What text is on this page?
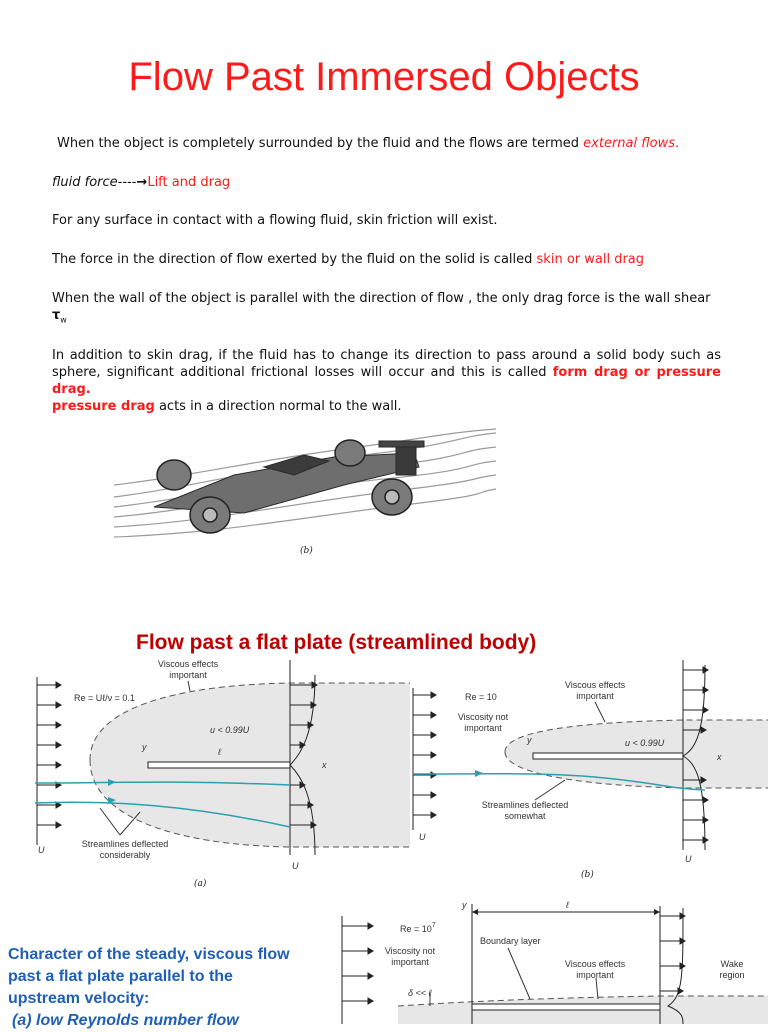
Flow Past Immersed Objects
When the object is completely surrounded by the fluid and the flows are termed external flows.
fluid force----→Lift and drag
For any surface in contact with a flowing fluid, skin friction will exist.
The force in the direction of flow exerted by the fluid on the solid is called skin or wall drag
When the wall of the object is parallel with the direction of flow , the only drag force is the wall shear
$\tau_w$
In addition to skin drag, if the fluid has to change its direction to pass around a solid body such as sphere, significant additional frictional losses will occur and this is called form drag or pressure drag.
pressure drag acts in a direction normal to the wall.
(b)
Flow past a flat plate (streamlined body)
Viscous effects
important
Re = Uℓ/ν = 0.1
u < 0.99U
ℓ
y
x
U
U
Streamlines deflected
considerably
(a)
Re = 10
Viscous effects
important
Viscosity not
important
u < 0.99U
y
x
U
U
Streamlines deflected
somewhat
(b)
$Re = 10^7$
y	ℓ
Viscosity not
important
Boundary layer
Viscous effects
important
Wake
region
δ << ℓ
Character of the steady, viscous flow
past a flat plate parallel to the
upstream velocity:
(a) low Reynolds number flow
